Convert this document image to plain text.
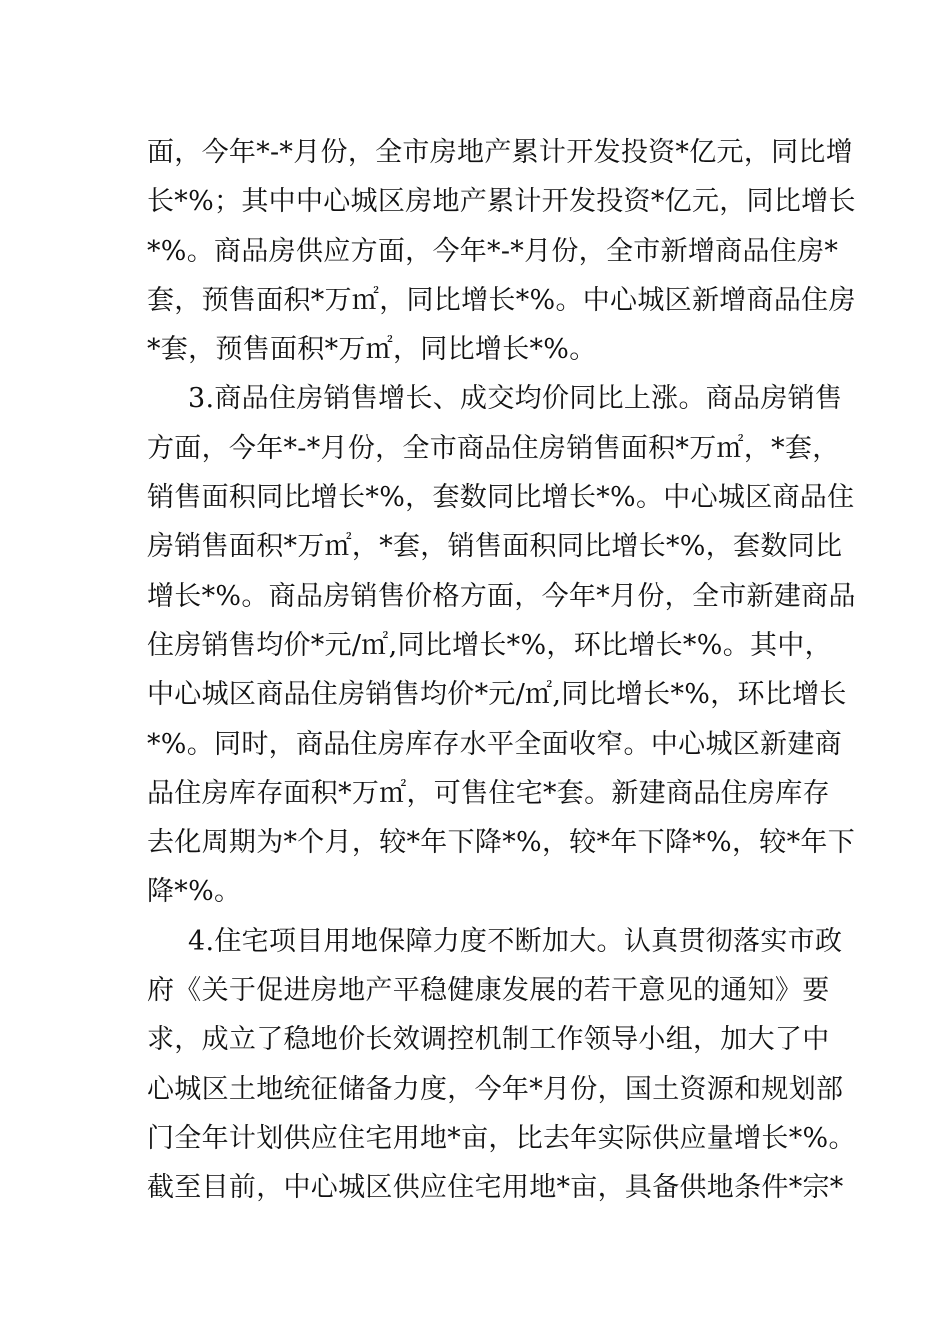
面，今年*-*月份，全市房地产累计开发投资*亿元，同比增
长*%；其中中心城区房地产累计开发投资*亿元，同比增长
*%。商品房供应方面，今年*-*月份，全市新增商品住房*
套，预售面积*万㎡，同比增长*%。中心城区新增商品住房
*套，预售面积*万㎡，同比增长*%。
3.商品住房销售增长、成交均价同比上涨。商品房销售
方面，今年*-*月份，全市商品住房销售面积*万㎡，*套，
销售面积同比增长*%，套数同比增长*%。中心城区商品住
房销售面积*万㎡，*套，销售面积同比增长*%，套数同比
增长*%。商品房销售价格方面，今年*月份，全市新建商品
住房销售均价*元/㎡,同比增长*%，环比增长*%。其中，
中心城区商品住房销售均价*元/㎡,同比增长*%，环比增长
*%。同时，商品住房库存水平全面收窄。中心城区新建商
品住房库存面积*万㎡，可售住宅*套。新建商品住房库存
去化周期为*个月，较*年下降*%，较*年下降*%，较*年下
降*%。
4.住宅项目用地保障力度不断加大。认真贯彻落实市政
府《关于促进房地产平稳健康发展的若干意见的通知》要
求，成立了稳地价长效调控机制工作领导小组，加大了中
心城区土地统征储备力度，今年*月份，国土资源和规划部
门全年计划供应住宅用地*亩，比去年实际供应量增长*%。
截至目前，中心城区供应住宅用地*亩，具备供地条件*宗*
